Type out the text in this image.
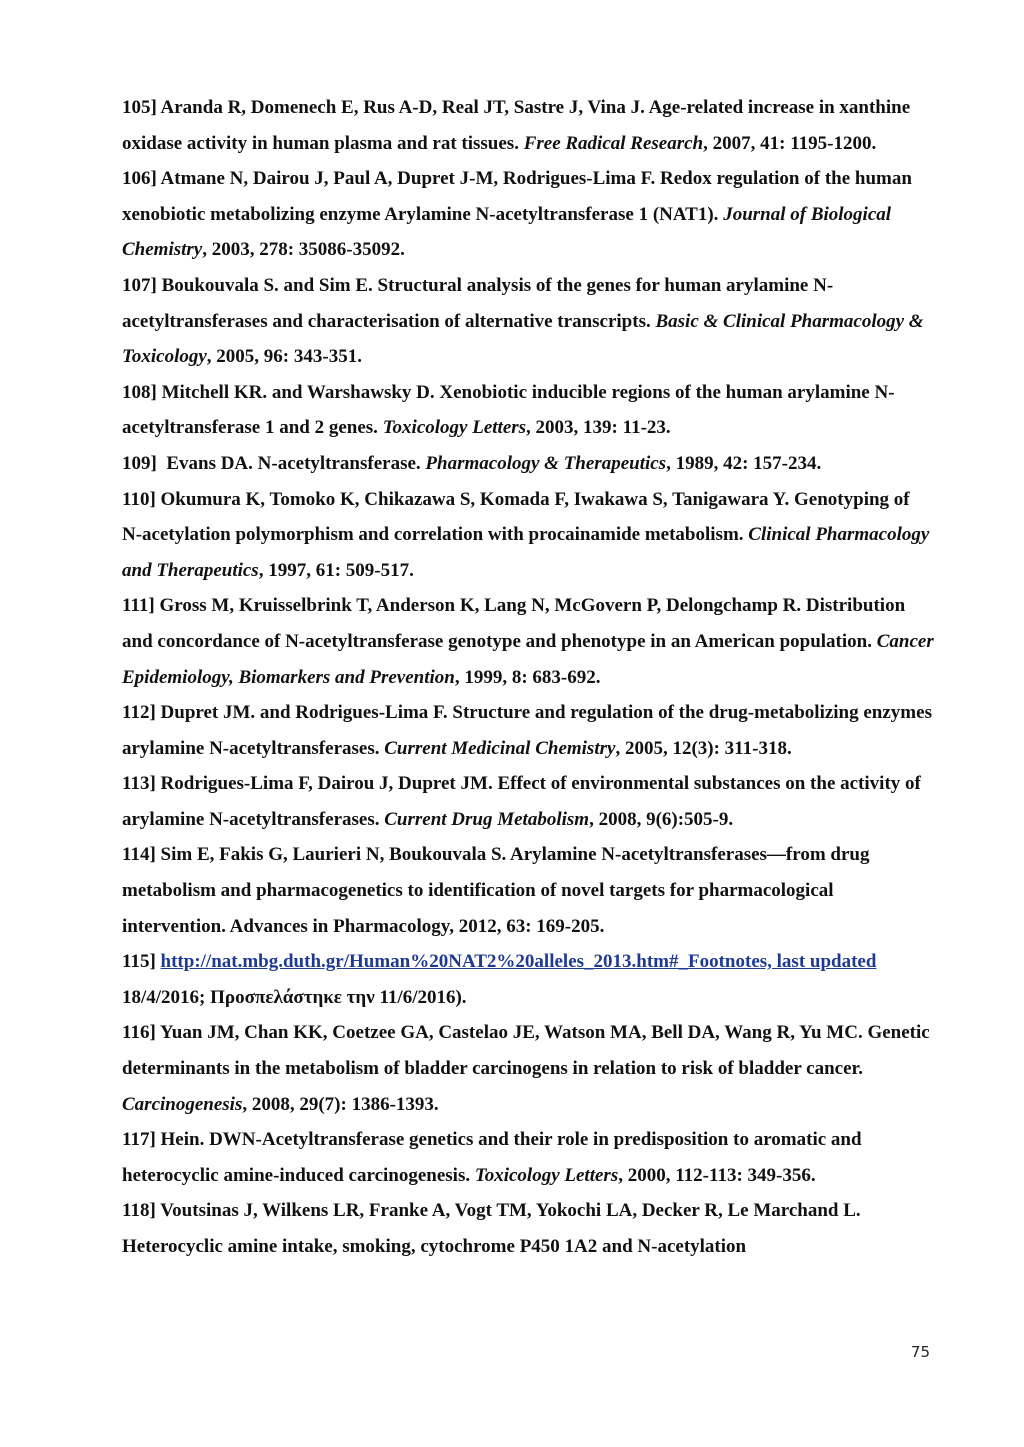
105] Aranda R, Domenech E, Rus A-D, Real JT, Sastre J, Vina J. Age-related increase in xanthine oxidase activity in human plasma and rat tissues. Free Radical Research, 2007, 41: 1195-1200.

106] Atmane N, Dairou J, Paul A, Dupret J-M, Rodrigues-Lima F. Redox regulation of the human xenobiotic metabolizing enzyme Arylamine N-acetyltransferase 1 (NAT1). Journal of Biological Chemistry, 2003, 278: 35086-35092.

107] Boukouvala S. and Sim E. Structural analysis of the genes for human arylamine N-acetyltransferases and characterisation of alternative transcripts. Basic & Clinical Pharmacology & Toxicology, 2005, 96: 343-351.

108] Mitchell KR. and Warshawsky D. Xenobiotic inducible regions of the human arylamine N-acetyltransferase 1 and 2 genes. Toxicology Letters, 2003, 139: 11-23.

109] Evans DA. N-acetyltransferase. Pharmacology & Therapeutics, 1989, 42: 157-234.

110] Okumura K, Tomoko K, Chikazawa S, Komada F, Iwakawa S, Tanigawara Y. Genotyping of N-acetylation polymorphism and correlation with procainamide metabolism. Clinical Pharmacology and Therapeutics, 1997, 61: 509-517.

111] Gross M, Kruisselbrink T, Anderson K, Lang N, McGovern P, Delongchamp R. Distribution and concordance of N-acetyltransferase genotype and phenotype in an American population. Cancer Epidemiology, Biomarkers and Prevention, 1999, 8: 683-692.

112] Dupret JM. and Rodrigues-Lima F. Structure and regulation of the drug-metabolizing enzymes arylamine N-acetyltransferases. Current Medicinal Chemistry, 2005, 12(3): 311-318.

113] Rodrigues-Lima F, Dairou J, Dupret JM. Effect of environmental substances on the activity of arylamine N-acetyltransferases. Current Drug Metabolism, 2008, 9(6):505-9.

114] Sim E, Fakis G, Laurieri N, Boukouvala S. Arylamine N-acetyltransferases—from drug metabolism and pharmacogenetics to identification of novel targets for pharmacological intervention. Advances in Pharmacology, 2012, 63: 169-205.

115] http://nat.mbg.duth.gr/Human%20NAT2%20alleles_2013.htm#_Footnotes, last updated 18/4/2016; Προσπελάστηκε την 11/6/2016).

116] Yuan JM, Chan KK, Coetzee GA, Castelao JE, Watson MA, Bell DA, Wang R, Yu MC. Genetic determinants in the metabolism of bladder carcinogens in relation to risk of bladder cancer. Carcinogenesis, 2008, 29(7): 1386-1393.

117] Hein. DWN-Acetyltransferase genetics and their role in predisposition to aromatic and heterocyclic amine-induced carcinogenesis. Toxicology Letters, 2000, 112-113: 349-356.

118] Voutsinas J, Wilkens LR, Franke A, Vogt TM, Yokochi LA, Decker R, Le Marchand L. Heterocyclic amine intake, smoking, cytochrome P450 1A2 and N-acetylation

75
